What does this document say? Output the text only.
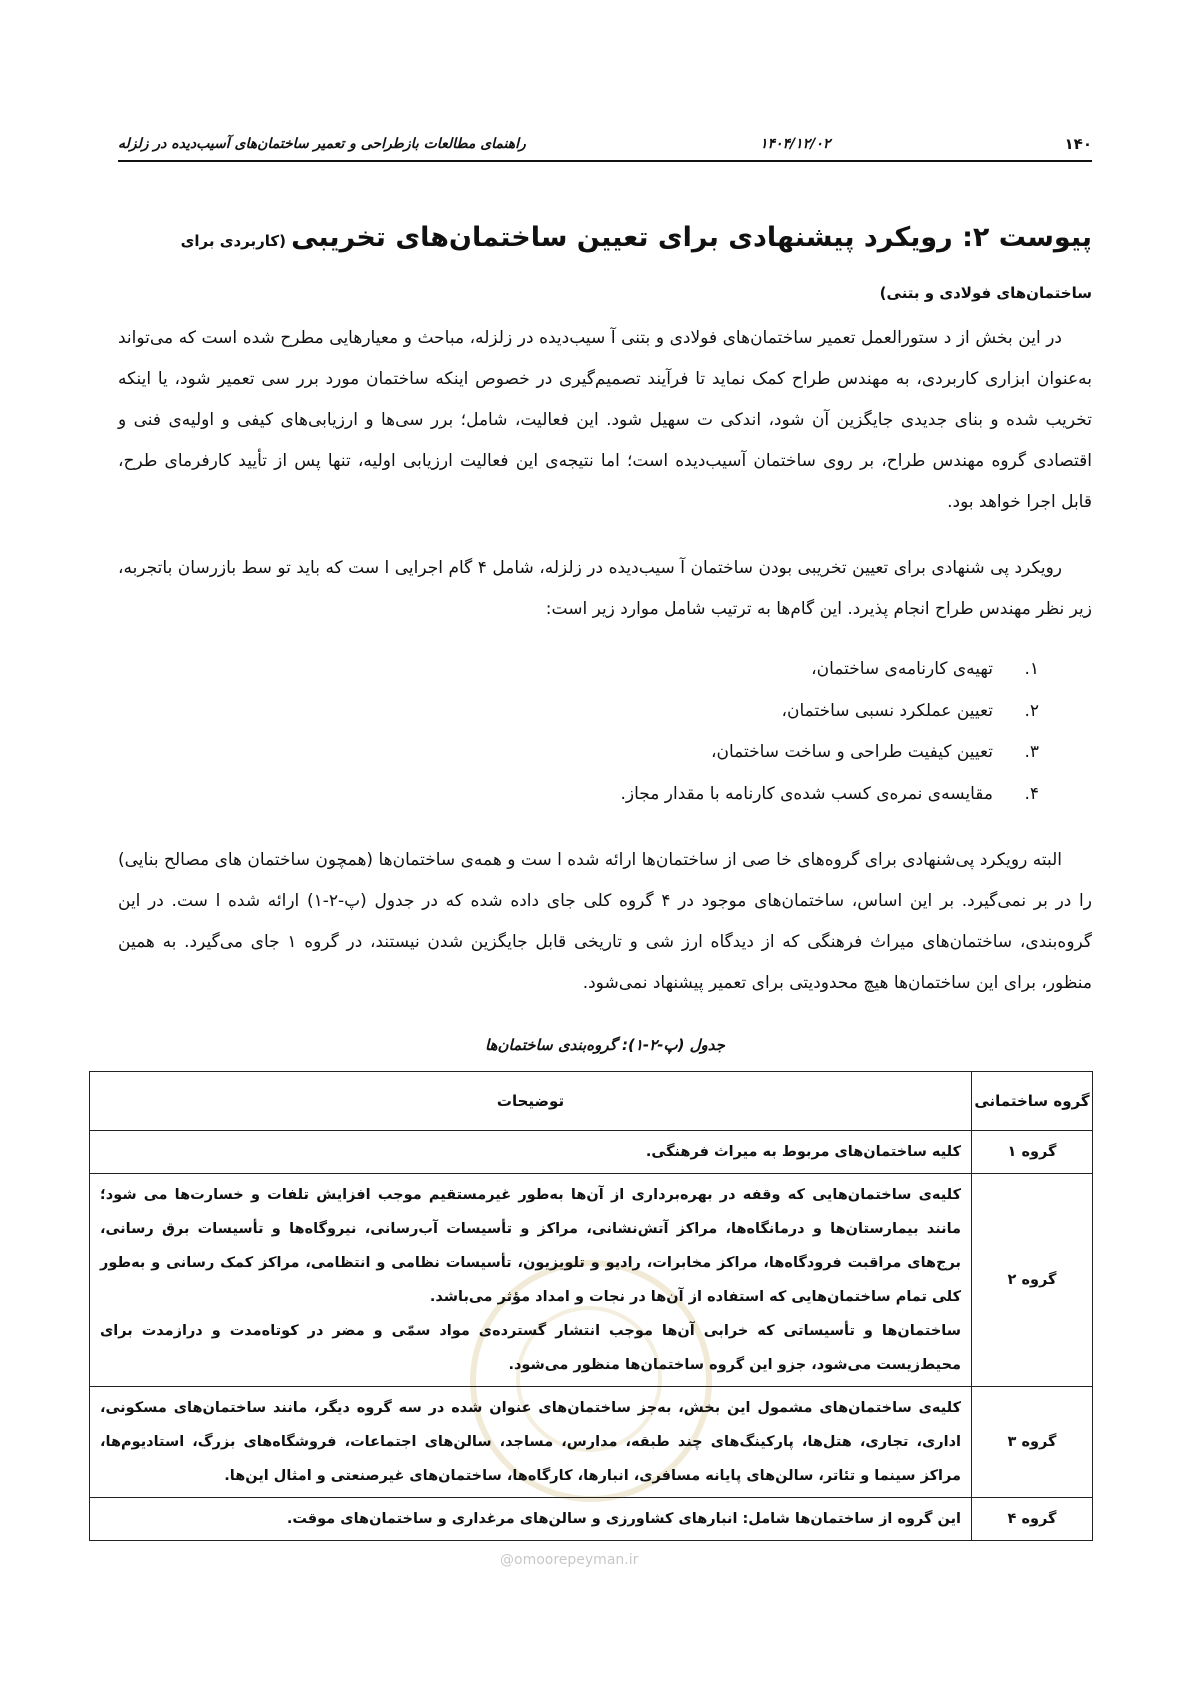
۱۴۰
۱۴۰۴/۱۲/۰۲
راهنمای مطالعات بازطراحی و تعمیر ساختمان‌های آسیب‌دیده در زلزله
پیوست ۲: رویکرد پیشنهادی برای تعیین ساختمان‌های تخریبی (کاربردی برای ساختمان‌های فولادی و بتنی)

در این بخش از د ستورالعمل تعمیر ساختمان‌های فولادی و بتنی آ سیب‌دیده در زلزله، مباحث و معیارهایی مطرح شده است که می‌تواند به‌عنوان ابزاری کاربردی، به مهندس طراح کمک نماید تا فرآیند تصمیم‌گیری در خصوص اینکه ساختمان مورد برر سی تعمیر شود، یا اینکه تخریب شده و بنای جدیدی جایگزین آن شود، اندکی ت سهیل شود. این فعالیت، شامل؛ برر سی‌ها و ارزیابی‌های کیفی و اولیه‌ی فنی و اقتصادی گروه مهندس طراح، بر روی ساختمان آسیب‌دیده است؛ اما نتیجه‌ی این فعالیت ارزیابی اولیه، تنها پس از تأیید کارفرمای طرح، قابل اجرا خواهد بود.

رویکرد پی شنهادی برای تعیین تخریبی بودن ساختمان آ سیب‌دیده در زلزله، شامل ۴ گام اجرایی ا ست که باید تو سط بازرسان باتجربه، زیر نظر مهندس طراح انجام پذیرد. این گام‌ها به ترتیب شامل موارد زیر است:

۱.
تهیه‌ی کارنامه‌ی ساختمان،
۲.
تعیین عملکرد نسبی ساختمان،
۳.
تعیین کیفیت طراحی و ساخت ساختمان،
۴.
مقایسه‌ی نمره‌ی کسب شده‌ی کارنامه با مقدار مجاز.

البته رویکرد پی‌شنهادی برای گروه‌های خا صی از ساختمان‌ها ارائه شده ا ست و همه‌ی ساختمان‌ها (همچون ساختمان های مصالح بنایی) را در بر نمی‌گیرد. بر این اساس، ساختمان‌های موجود در ۴ گروه کلی جای داده شده که در جدول (پ-۲-۱) ارائه شده ا ست. در این گروه‌بندی، ساختمان‌های میراث فرهنگی که از دیدگاه ارز شی و تاریخی قابل جایگزین شدن نیستند، در گروه ۱ جای می‌گیرد. به همین منظور، برای این ساختمان‌ها هیچ محدودیتی برای تعمیر پیشنهاد نمی‌شود.

جدول (پ-۲-۱): گروه‌بندی ساختمان‌ها
گروه ساختمانی	توضیحات
گروه ۱	کلیه ساختمان‌های مربوط به میراث فرهنگی.

گروه ۲	کلیه‌ی ساختمان‌هایی که وقفه در بهره‌برداری از آن‌ها به‌طور غیرمستقیم موجب افزایش تلفات و خسارت‌ها می شود؛ مانند بیمارستان‌ها و درمانگاه‌ها، مراکز آتش‌نشانی، مراکز و تأسیسات آب‌رسانی، نیروگاه‌ها و تأسیسات برق رسانی، برج‌های مراقبت فرودگاه‌ها، مراکز مخابرات، رادیو و تلویزیون، تأسیسات نظامی و انتظامی، مراکز کمک رسانی و به‌طور کلی تمام ساختمان‌هایی که استفاده از آن‌ها در نجات و امداد مؤثر می‌باشد.
ساختمان‌ها و تأسیساتی که خرابی آن‌ها موجب انتشار گسترده‌ی مواد سمّی و مضر در کوتاه‌مدت و درازمدت برای محیط‌زیست می‌شود، جزو این گروه ساختمان‌ها منظور می‌شود.

گروه ۳	کلیه‌ی ساختمان‌های مشمول این بخش، به‌جز ساختمان‌های عنوان شده در سه گروه دیگر، مانند ساختمان‌های مسکونی، اداری، تجاری، هتل‌ها، پارکینگ‌های چند طبقه، مدارس، مساجد، سالن‌های اجتماعات، فروشگاه‌های بزرگ، استادیوم‌ها، مراکز سینما و تئاتر، سالن‌های پایانه مسافری، انبارها، کارگاه‌ها، ساختمان‌های غیرصنعتی و امثال این‌ها.

گروه ۴	این گروه از ساختمان‌ها شامل: انبارهای کشاورزی و سالن‌های مرغداری و ساختمان‌های موقت.
@omoorepeyman.ir
